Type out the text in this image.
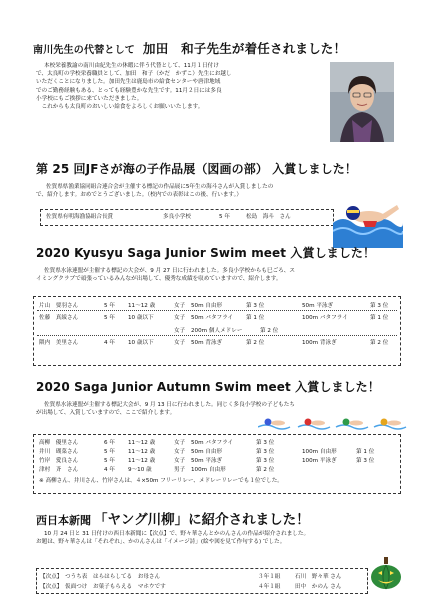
南川先生の代替として 加田　和子先生が着任されました！
本校栄養教諭の南川由紀先生の休暇に伴う代替として、11月１日付け
で、太良町の学校栄養職員として、加田　和子（かだ　かずこ）先生にお越し
いただくことになりました。加田先生は鹿島市の給食センターや唐津地域
でのご勤務経験もある、とっても経験豊かな先生です。11月２日には多良
小学校にもご挨拶に来ていただきました。
　これからも太良町のおいしい給食をよろしくお願いいたします。
第 25 回JFさが海の子作品展（図画の部） 入賞しました！
佐賀県県漁業協同組合連合会が主催する標記の作品展に5年生の海斗さんが入賞しましたの
で、紹介します。おめでとうございました。（校内での表彰はこの後、行います。）
佐賀県有明海漁協組合長賞	多良小学校	5 年	松島　海斗　さん
2020 Kyusyu Saga Junior Swim meet 入賞しました！
佐賀県水泳連盟が主催する標記の大会が、9 月 27 日に行われました。多良小学校からも巳ごろ、ス
イミングクラブで頑張っているみんなが出場して、優秀な成績を収めていますので、紹介します。
片山　要羽さん	5 年 11〜12 歳	女子 50m 自由形	第 3 位	50m 平泳ぎ	第 3 位
佐藤　真綾さん	5 年 10 歳以下	女子 50m バタフライ 第 1 位	100m バタフライ	第 1 位
女子 200m 個人メドレー	第 2 位
隈内　美里さん	4 年 10 歳以下	女子 50m 背泳ぎ	第 2 位	100m 背泳ぎ	第 2 位
2020 Saga Junior Autumn Swim meet 入賞しました！
佐賀県水泳連盟が主催する標記大会が、9 月 13 日に行われました。同じく多良小学校の子どもたち
が出場して、入賞していますので、ここで紹介します。
高柳　優里さん	6 年 11〜12 歳	女子 50m バタフライ	第 3 位
井川　瑚菜さん	5 年 11〜12 歳	女子 50m 自由形	第 3 位	100m 自由形	第 1 位
竹岸　愛良さん	5 年 11〜12 歳	女子 50m 平泳ぎ	第 3 位	100m 平泳ぎ	第 3 位
津村　斉　さん	4 年 9〜10 歳	男子 100m 自由形	第 2 位
※ 高柳さん、井川さん、竹岸さんは、４×50m フリーリレー、メドレーリレーでも１位でした。
西日本新聞 「ヤング川柳」に紹介されました！
10 月 24 日と 31 日付けの西日本新聞に【次点】で、野々華さんとかのんさんの作品が紹介されました。
お題は、野々華さんは「それぞれ」、かのんさんは「イメージ詩」(絵や図を見て作句する) でした。
【次点】 つうち表　はらはらしてる　お母さん	３年１組	石川　野々華 さん
【次点】 仮面つけ　お菓子もらえる　マホウです	４年１組	田中　かのん さん
